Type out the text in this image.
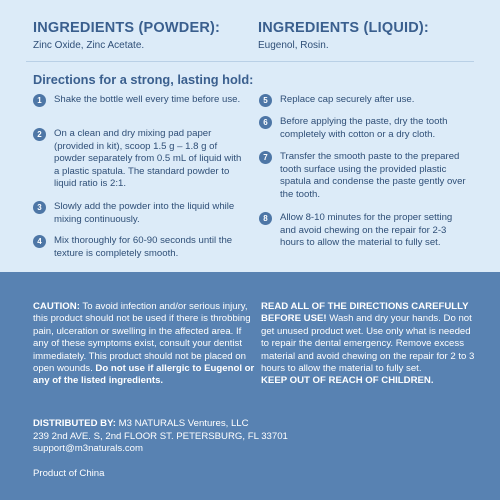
INGREDIENTS (POWDER):

Zinc Oxide, Zinc Acetate.

INGREDIENTS (LIQUID):

Eugenol, Rosin.

Directions for a strong, lasting hold:
1	Shake the bottle well every time before use.
2	On a clean and dry mixing pad paper (provided in kit), scoop 1.5 g – 1.8 g of powder separately from 0.5 mL of liquid with a plastic spatula. The standard powder to liquid ratio is 2:1.
3	Slowly add the powder into the liquid while mixing continuously.
4	Mix thoroughly for 60-90 seconds until the texture is completely smooth.
5	Replace cap securely after use.
6	Before applying the paste, dry the tooth completely with cotton or a dry cloth.
7	Transfer the smooth paste to the prepared tooth surface using the provided plastic spatula and condense the paste gently over the tooth.
8	Allow 8-10 minutes for the proper setting and avoid chewing on the repair for 2-3 hours to allow the material to fully set.
CAUTION: To avoid infection and/or serious injury, this product should not be used if there is throbbing pain, ulceration or swelling in the affected area. If any of these symptoms exist, consult your dentist immediately. This product should not be placed on open wounds. Do not use if allergic to Eugenol or any of the listed ingredients.
READ ALL OF THE DIRECTIONS CAREFULLY BEFORE USE! Wash and dry your hands. Do not get unused product wet. Use only what is needed to repair the dental emergency. Remove excess material and avoid chewing on the repair for 2 to 3 hours to allow the material to fully set.
KEEP OUT OF REACH OF CHILDREN.
DISTRIBUTED BY: M3 NATURALS Ventures, LLC
239 2nd AVE. S, 2nd FLOOR ST. PETERSBURG, FL 33701
support@m3naturals.com
Product of China
